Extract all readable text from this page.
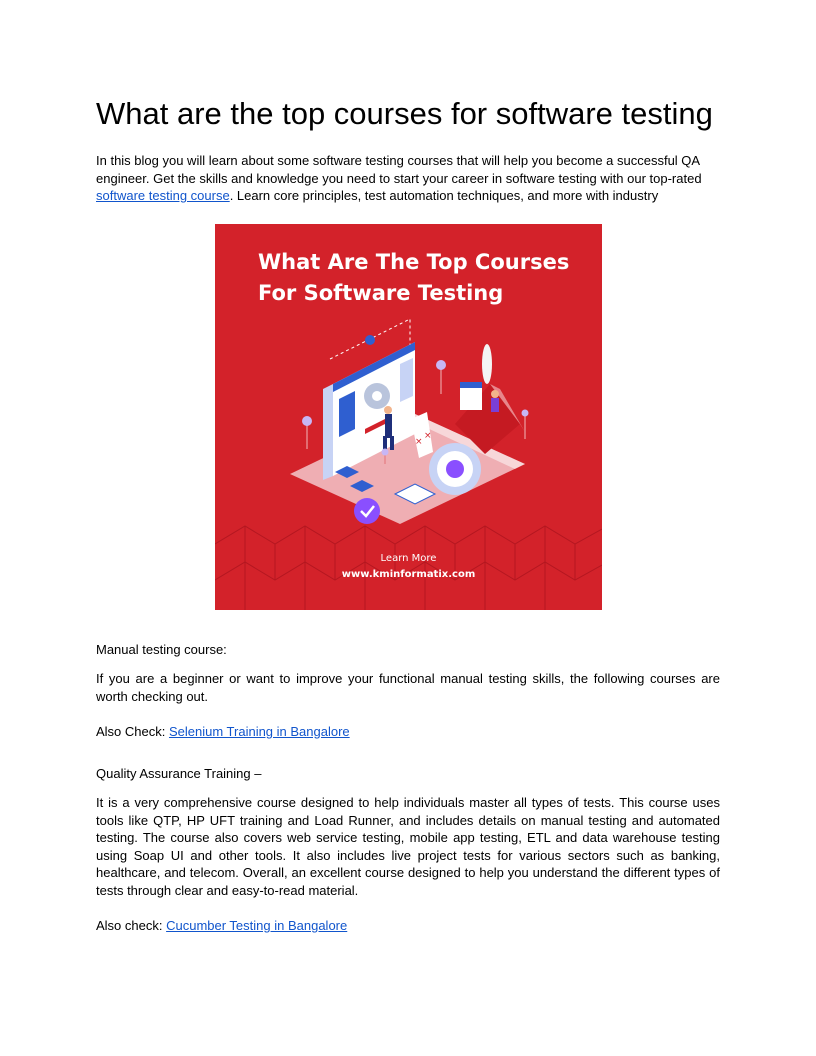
What are the top courses for software testing

In this blog you will learn about some software testing courses that will help you become a successful QA engineer. Get the skills and knowledge you need to start your career in software testing with our top-rated software testing course. Learn core principles, test automation techniques, and more with industry

What Are The Top Courses
For Software Testing
×
×
Learn More
www.kminformatix.com

Manual testing course:

If you are a beginner or want to improve your functional manual testing skills, the following courses are worth checking out.

Also Check: Selenium Training in Bangalore

Quality Assurance Training –

It is a very comprehensive course designed to help individuals master all types of tests. This course uses tools like QTP, HP UFT training and Load Runner, and includes details on manual testing and automated testing. The course also covers web service testing, mobile app testing, ETL and data warehouse testing using Soap UI and other tools. It also includes live project tests for various sectors such as banking, healthcare, and telecom. Overall, an excellent course designed to help you understand the different types of tests through clear and easy-to-read material.

Also check: Cucumber Testing in Bangalore
